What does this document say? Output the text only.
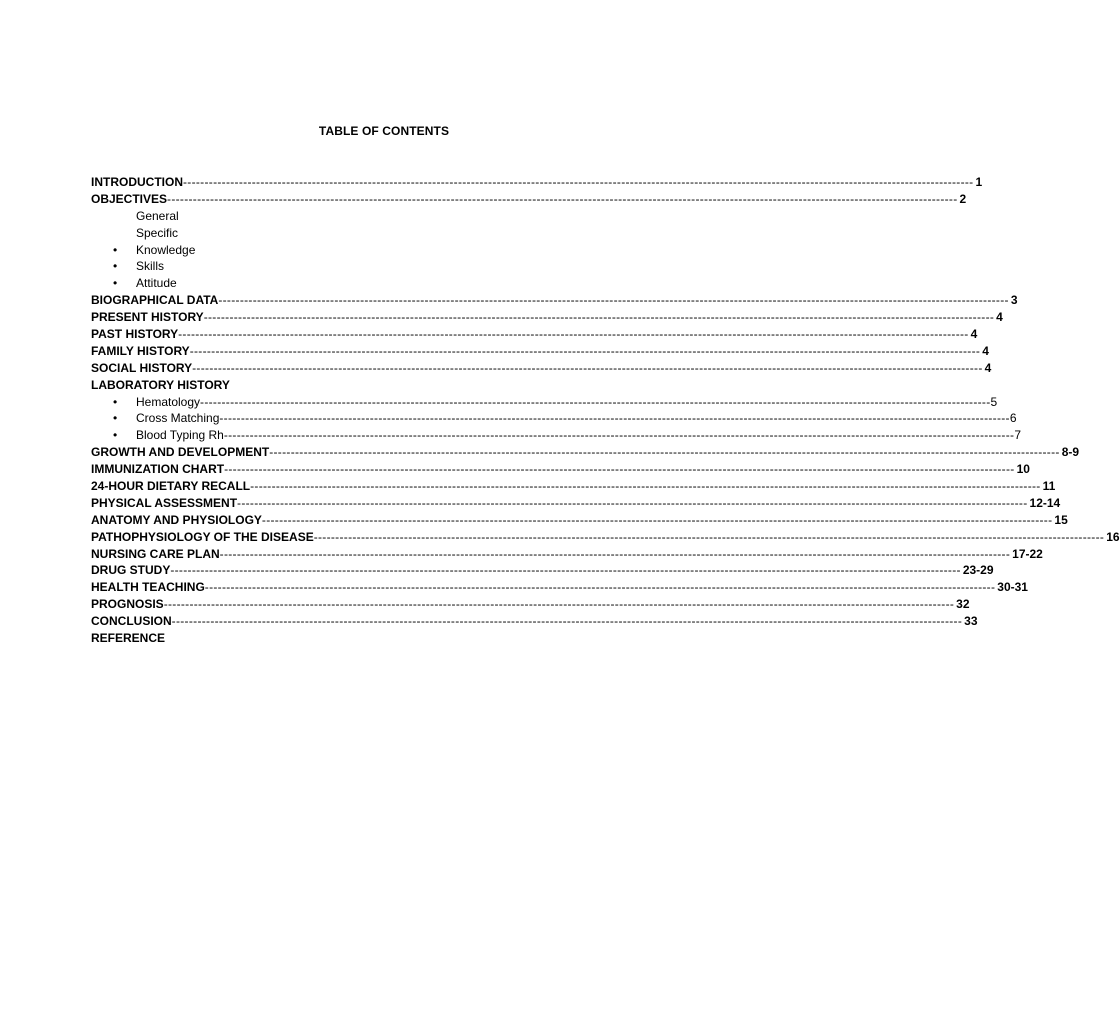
TABLE OF CONTENTS
INTRODUCTION ---------------------------------------------------------------------------------------------------------------------------------------------------------------------------------------- 1
OBJECTIVES ---------------------------------------------------------------------------------------------------------------------------------------------------------------------------------------- 2
General
Specific
•	Knowledge
•	Skills
•	Attitude
BIOGRAPHICAL DATA ---------------------------------------------------------------------------------------------------------------------------------------------------------------------------------------- 3
PRESENT HISTORY ---------------------------------------------------------------------------------------------------------------------------------------------------------------------------------------- 4
PAST HISTORY ---------------------------------------------------------------------------------------------------------------------------------------------------------------------------------------- 4
FAMILY HISTORY ---------------------------------------------------------------------------------------------------------------------------------------------------------------------------------------- 4
SOCIAL HISTORY ---------------------------------------------------------------------------------------------------------------------------------------------------------------------------------------- 4
LABORATORY HISTORY
•	Hematology ---------------------------------------------------------------------------------------------------------------------------------------------------------------------------------------- 5
•	Cross Matching ---------------------------------------------------------------------------------------------------------------------------------------------------------------------------------------- 6
•	Blood Typing Rh ---------------------------------------------------------------------------------------------------------------------------------------------------------------------------------------- 7
GROWTH AND DEVELOPMENT ---------------------------------------------------------------------------------------------------------------------------------------------------------------------------------------- 8-9
IMMUNIZATION CHART ---------------------------------------------------------------------------------------------------------------------------------------------------------------------------------------- 10
24-HOUR DIETARY RECALL ---------------------------------------------------------------------------------------------------------------------------------------------------------------------------------------- 11
PHYSICAL ASSESSMENT ---------------------------------------------------------------------------------------------------------------------------------------------------------------------------------------- 12-14
ANATOMY AND PHYSIOLOGY ---------------------------------------------------------------------------------------------------------------------------------------------------------------------------------------- 15
PATHOPHYSIOLOGY OF THE DISEASE ---------------------------------------------------------------------------------------------------------------------------------------------------------------------------------------- 16
NURSING CARE PLAN ---------------------------------------------------------------------------------------------------------------------------------------------------------------------------------------- 17-22
DRUG STUDY ---------------------------------------------------------------------------------------------------------------------------------------------------------------------------------------- 23-29
HEALTH TEACHING ---------------------------------------------------------------------------------------------------------------------------------------------------------------------------------------- 30-31
PROGNOSIS ---------------------------------------------------------------------------------------------------------------------------------------------------------------------------------------- 32
CONCLUSION ---------------------------------------------------------------------------------------------------------------------------------------------------------------------------------------- 33
REFERENCE
